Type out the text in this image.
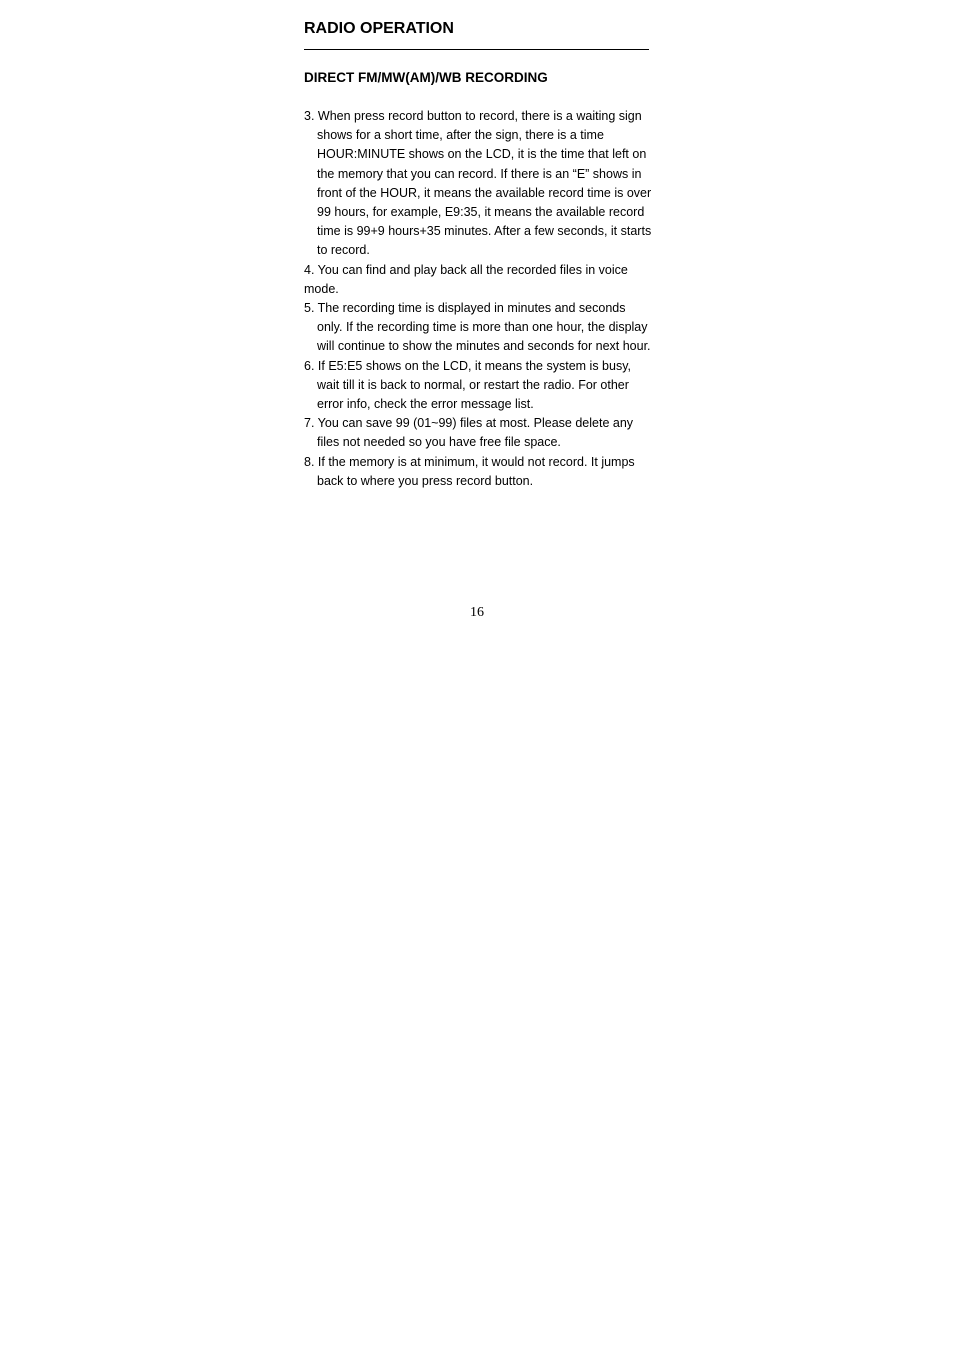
RADIO OPERATION
DIRECT FM/MW(AM)/WB RECORDING
3. When press record button to record, there is a waiting sign shows for a short time, after the sign, there is a time HOUR:MINUTE shows on the LCD, it is the time that left on the memory that you can record. If there is an “E” shows in front of the HOUR, it means the available record time is over 99 hours, for example, E9:35, it means the available record time is 99+9 hours+35 minutes. After a few seconds, it starts to record.
4. You can find and play back all the recorded files in voice mode.
5. The recording time is displayed in minutes and seconds only. If the recording time is more than one hour, the display will continue to show the minutes and seconds for next hour.
6. If E5:E5 shows on the LCD, it means the system is busy, wait till it is back to normal, or restart the radio. For other error info, check the error message list.
7. You can save 99 (01~99) files at most. Please delete any files not needed so you have free file space.
8. If the memory is at minimum, it would not record. It jumps back to where you press record button.
16
